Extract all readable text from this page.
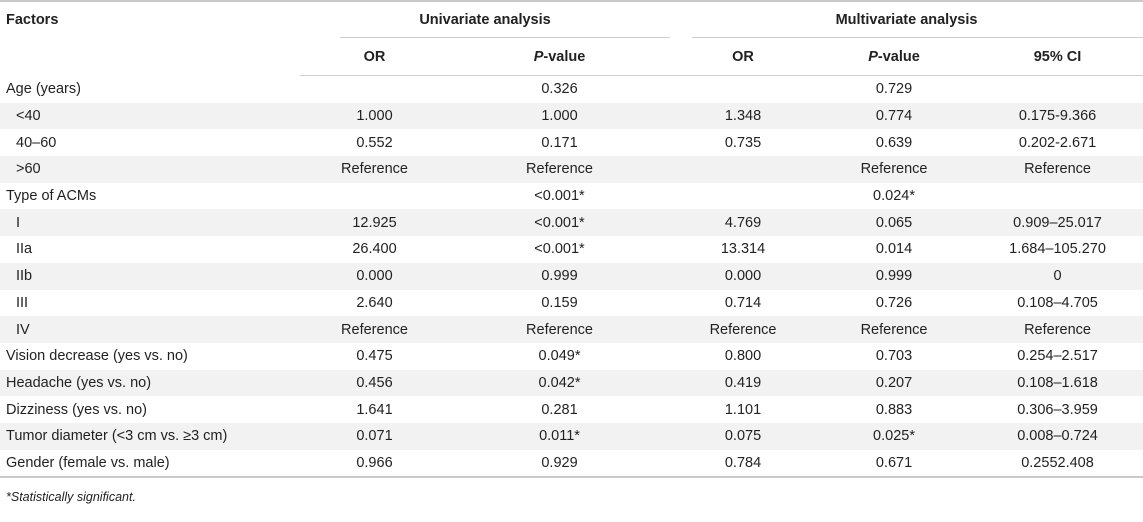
Factors	Univariate analysis		Multivariate analysis		

	OR	P-value	OR	P-value	95% CI
Age (years)		0.326		0.729	
<40	1.000	1.000	1.348	0.774	0.175-9.366
40–60	0.552	0.171	0.735	0.639	0.202-2.671
>60	Reference	Reference		Reference	Reference
Type of ACMs		<0.001*		0.024*	
I	12.925	<0.001*	4.769	0.065	0.909–25.017
IIa	26.400	<0.001*	13.314	0.014	1.684–105.270
IIb	0.000	0.999	0.000	0.999	0
III	2.640	0.159	0.714	0.726	0.108–4.705
IV	Reference	Reference	Reference	Reference	Reference
Vision decrease (yes vs. no)	0.475	0.049*	0.800	0.703	0.254–2.517
Headache (yes vs. no)	0.456	0.042*	0.419	0.207	0.108–1.618
Dizziness (yes vs. no)	1.641	0.281	1.101	0.883	0.306–3.959
Tumor diameter (<3 cm vs. ≥3 cm)	0.071	0.011*	0.075	0.025*	0.008–0.724
Gender (female vs. male)	0.966	0.929	0.784	0.671	0.2552.408
*Statistically significant.
